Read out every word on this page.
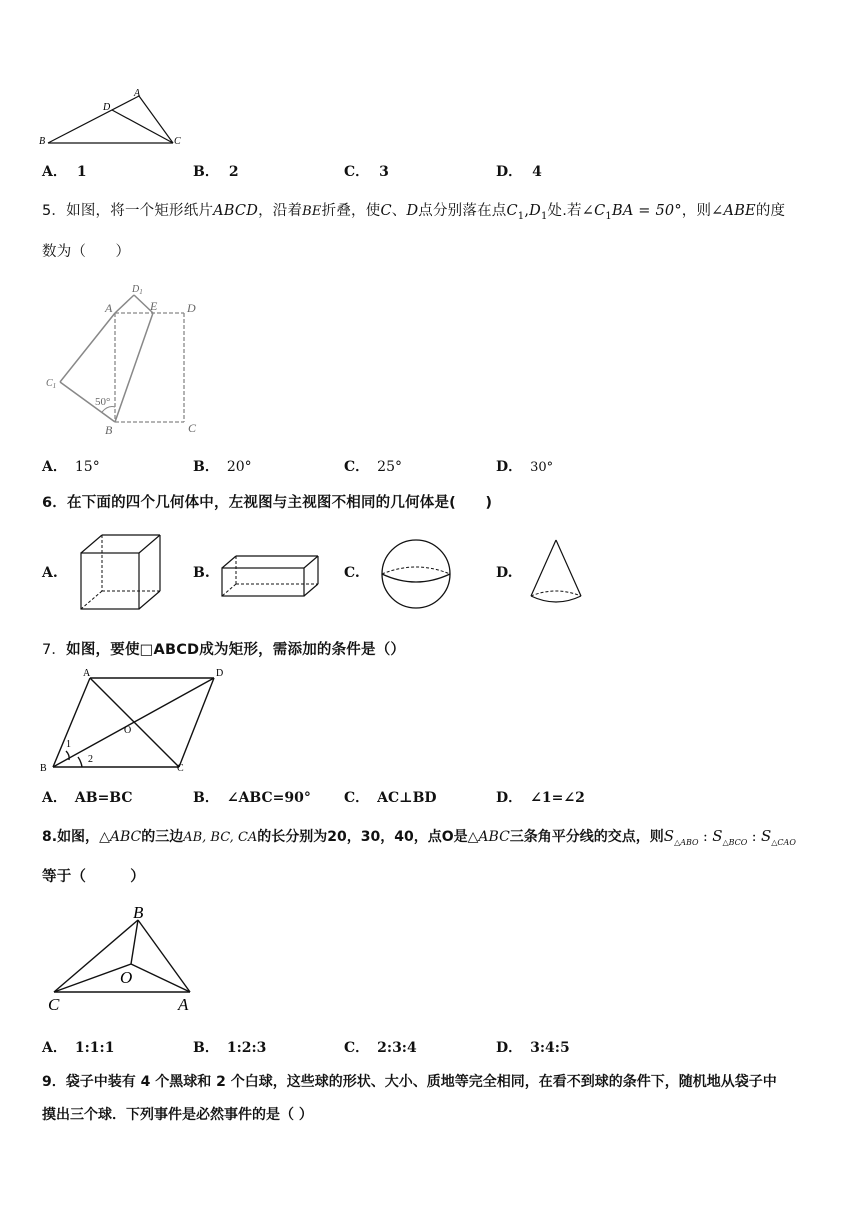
A
D
B	C
A． 1	B． 2	C． 3	D． 4
5．如图，将一个矩形纸片ABCD，沿着BE折叠，使C、D点分别落在点$C_1,D_1$处.若$\angle C_1BA = 50^\circ$，则∠ABE的度
数为（　　）
A
$D_1$
E D
$C_1$
50°
B	C
A． 15°	B． 20°	C． 25°	D． 30°
6．在下面的四个几何体中，左视图与主视图不相同的几何体是(　　)
A.	B.	C.	D.
7．如图，要使□ABCD成为矩形，需添加的条件是（）
A	D
O
1
2
B	C
A． AB=BC	B． ∠ABC=90° C． AC⊥BD	D． ∠1=∠2
8.如图，△ABC的三边AB, BC, CA的长分别为20，30，40，点O是△ABC三条角平分线的交点，则$S_{\triangle ABO}$ : $S_{\triangle BCO}$ : $S_{\triangle CAO}$
等于（　　　）
B
O
C	A
A． 1:1:1	B． 1:2:3	C． 2:3:4	D． 3:4:5
9．袋子中装有 4 个黑球和 2 个白球，这些球的形状、大小、质地等完全相同，在看不到球的条件下，随机地从袋子中
摸出三个球．下列事件是必然事件的是（ ）
